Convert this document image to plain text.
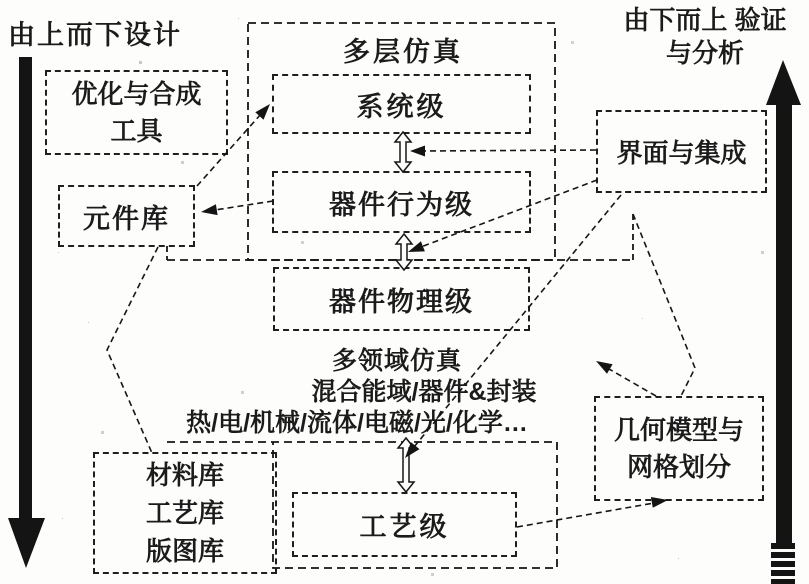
由上而下设计	由下而上 验证与分析
多层仿真
优化与合成
工具
元件库
系统级
器件行为级
器件物理级
界面与集成
材料库
工艺库
版图库
工艺级
几何模型与
网格划分
多领域仿真
混合能域/器件&封装
热/电/机械/流体/电磁/光/化学…
